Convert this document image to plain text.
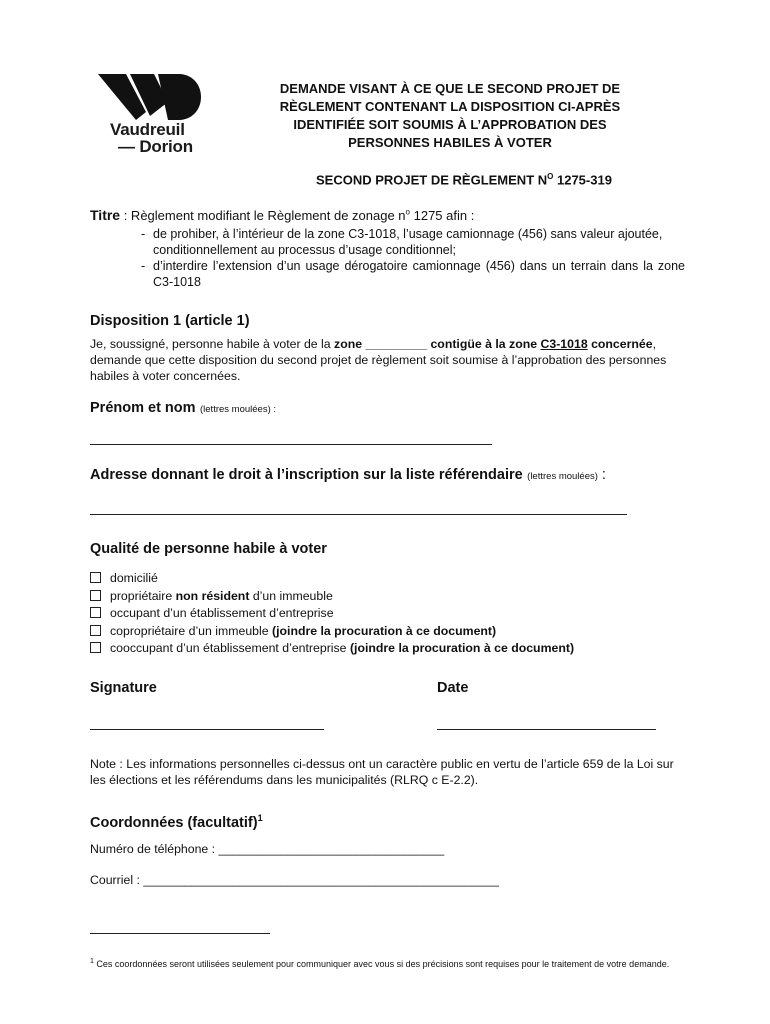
Vaudreuil
— Dorion
DEMANDE VISANT À CE QUE LE SECOND PROJET DE
RÈGLEMENT CONTENANT LA DISPOSITION CI-APRÈS
IDENTIFIÉE SOIT SOUMIS À L’APPROBATION DES
PERSONNES HABILES À VOTER
SECOND PROJET DE RÈGLEMENT $N^O$ 1275-319
Titre : Règlement modifiant le Règlement de zonage $n^o$ 1275 afin :
- de prohiber, à l’intérieur de la zone C3-1018, l’usage camionnage (456) sans valeur ajoutée, conditionnellement au processus d’usage conditionnel;
- d’interdire l’extension d’un usage dérogatoire camionnage (456) dans un terrain dans la zone C3-1018
Disposition 1 (article 1)
Je, soussigné, personne habile à voter de la zone _________ contigüe à la zone C3-1018 concernée, demande que cette disposition du second projet de règlement soit soumise à l’approbation des personnes habiles à voter concernées.
Prénom et nom (lettres moulées) :
Adresse donnant le droit à l’inscription sur la liste référendaire (lettres moulées) :
Qualité de personne habile à voter
domicilié
propriétaire non résident d’un immeuble
occupant d’un établissement d’entreprise
copropriétaire d’un immeuble (joindre la procuration à ce document)
cooccupant d’un établissement d’entreprise (joindre la procuration à ce document)
Signature	Date
Note : Les informations personnelles ci-dessus ont un caractère public en vertu de l’article 659 de la Loi sur les élections et les référendums dans les municipalités (RLRQ c E-2.2).
Coordonnées (facultatif)$^1$
Numéro de téléphone : _________________________________
Courriel : ____________________________________________________
$^1$ Ces coordonnées seront utilisées seulement pour communiquer avec vous si des précisions sont requises pour le traitement de votre demande.
